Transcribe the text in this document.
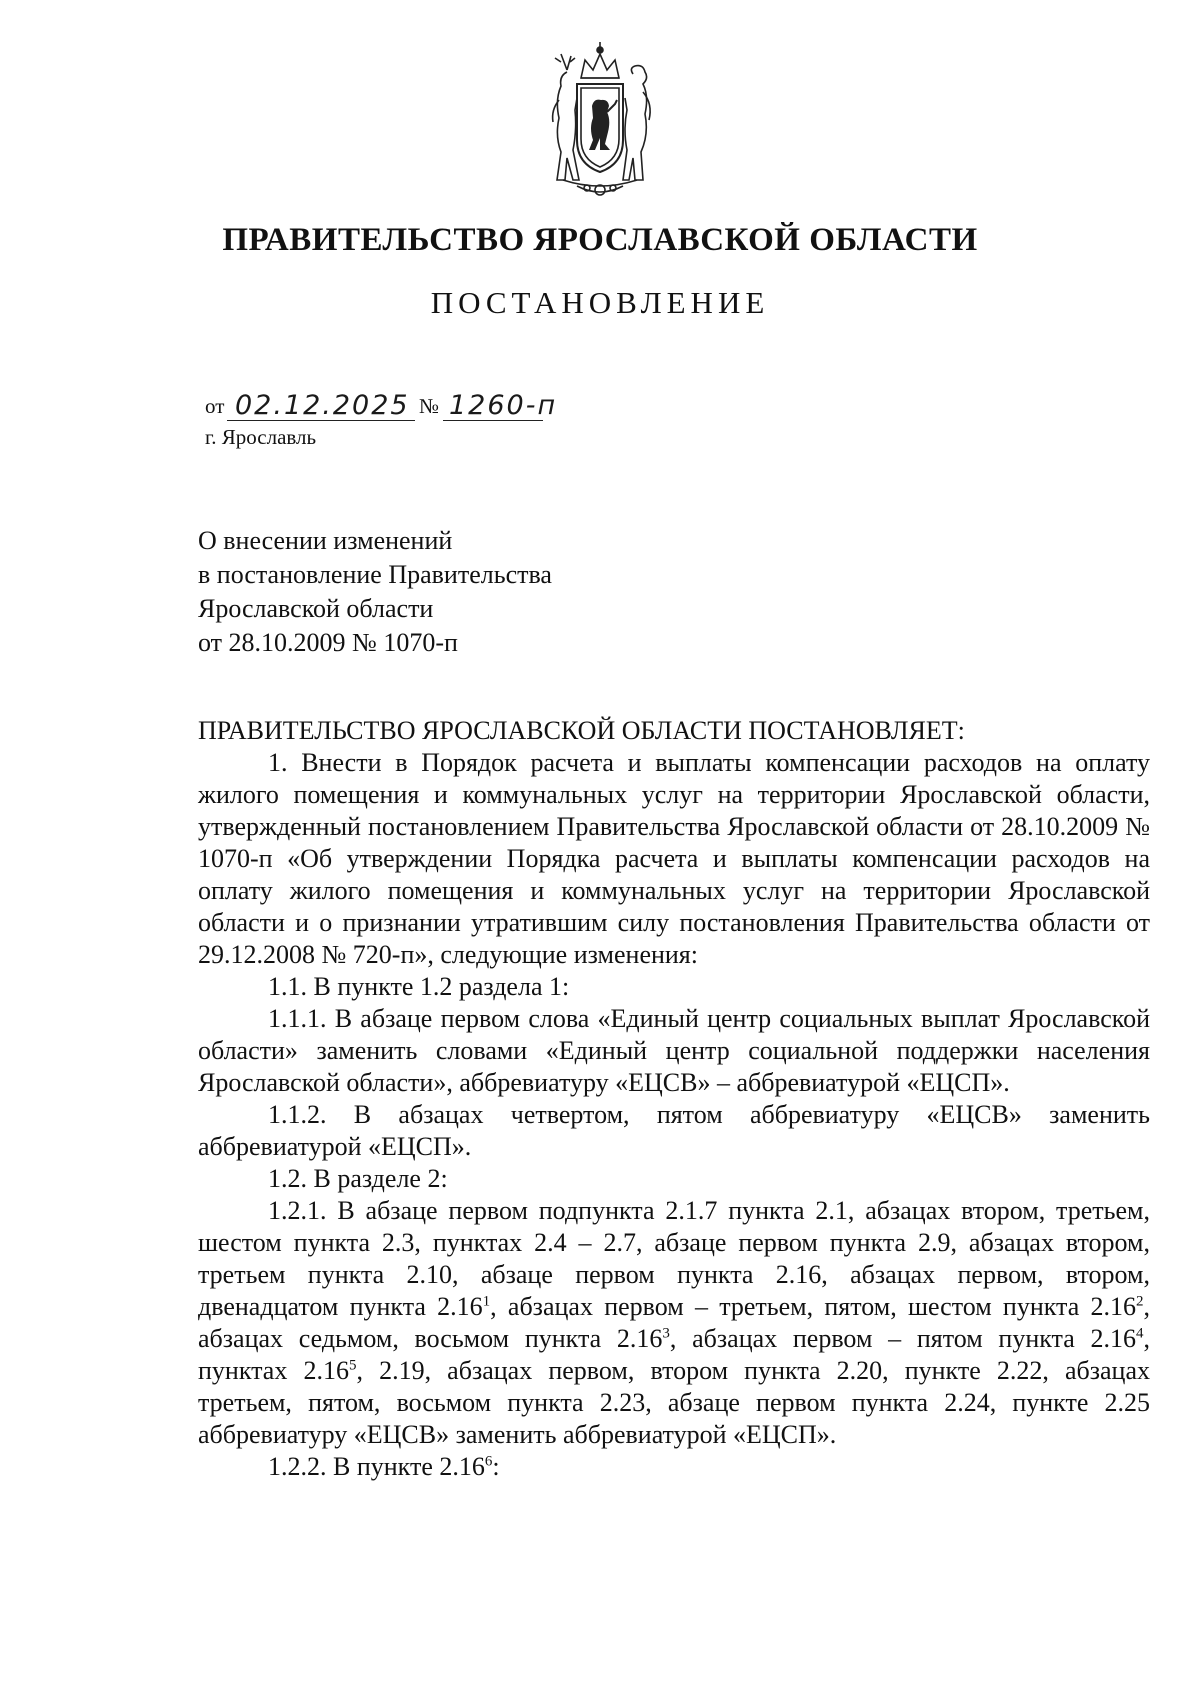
ПРАВИТЕЛЬСТВО ЯРОСЛАВСКОЙ ОБЛАСТИ
ПОСТАНОВЛЕНИЕ
от 02.12.2025 № 1260-п
г. Ярославль
О внесении изменений
в постановление Правительства
Ярославской области
от 28.10.2009 № 1070-п

ПРАВИТЕЛЬСТВО ЯРОСЛАВСКОЙ ОБЛАСТИ ПОСТАНОВЛЯЕТ:

1. Внести в Порядок расчета и выплаты компенсации расходов на оплату жилого помещения и коммунальных услуг на территории Ярославской области, утвержденный постановлением Правительства Ярославской области от 28.10.2009 № 1070-п «Об утверждении Порядка расчета и выплаты компенсации расходов на оплату жилого помещения и коммунальных услуг на территории Ярославской области и о признании утратившим силу постановления Правительства области от 29.12.2008 № 720-п», следующие изменения:

1.1. В пункте 1.2 раздела 1:

1.1.1. В абзаце первом слова «Единый центр социальных выплат Ярославской области» заменить словами «Единый центр социальной поддержки населения Ярославской области», аббревиатуру «ЕЦСВ» – аббревиатурой «ЕЦСП».

1.1.2. В абзацах четвертом, пятом аббревиатуру «ЕЦСВ» заменить аббревиатурой «ЕЦСП».

1.2. В разделе 2:

1.2.1. В абзаце первом подпункта 2.1.7 пункта 2.1, абзацах втором, третьем, шестом пункта 2.3, пунктах 2.4 – 2.7, абзаце первом пункта 2.9, абзацах втором, третьем пункта 2.10, абзаце первом пункта 2.16, абзацах первом, втором, двенадцатом пункта 2.16$^1$, абзацах первом – третьем, пятом, шестом пункта 2.16$^2$, абзацах седьмом, восьмом пункта 2.16$^3$, абзацах первом – пятом пункта 2.16$^4$, пунктах 2.16$^5$, 2.19, абзацах первом, втором пункта 2.20, пункте 2.22, абзацах третьем, пятом, восьмом пункта 2.23, абзаце первом пункта 2.24, пункте 2.25 аббревиатуру «ЕЦСВ» заменить аббревиатурой «ЕЦСП».

1.2.2. В пункте 2.16$^6$:
